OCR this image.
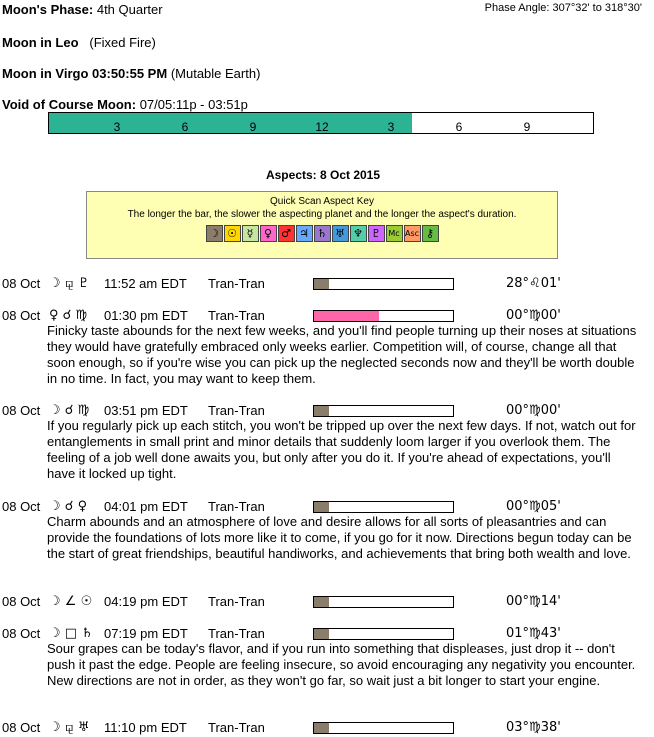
Moon's Phase: 4th Quarter	Phase Angle: 307°32' to 318°30'
Moon in Leo (Fixed Fire)
Moon in Virgo 03:50:55 PM (Mutable Earth)
Void of Course Moon: 07/05:11p - 03:51p
3	6	9	12	3	6	9
Aspects: 8 Oct 2015
Quick Scan Aspect Key
The longer the bar, the slower the aspecting planet and the longer the aspect's duration.
☽ ☉ ☿ ♀ ♂ ♃ ♄ ♅ ♆ ♇ Mc Asc ⚷
08 Oct ☽ ⚼ ♇ 11:52 am EDT Tran-Tran	28°♌01'
08 Oct ♀ ☌ ♍ 01:30 pm EDT Tran-Tran	00°♍00'
Finicky taste abounds for the next few weeks, and you'll find people turning up their noses at situations they would have gratefully embraced only weeks earlier. Competition will, of course, change all that soon enough, so if you're wise you can pick up the neglected seconds now and they'll be worth double in no time. In fact, you may want to keep them.
08 Oct ☽ ☌ ♍ 03:51 pm EDT Tran-Tran	00°♍00'
If you regularly pick up each stitch, you won't be tripped up over the next few days. If not, watch out for entanglements in small print and minor details that suddenly loom larger if you overlook them. The feeling of a job well done awaits you, but only after you do it. If you're ahead of expectations, you'll have it locked up tight.
08 Oct ☽ ☌ ♀ 04:01 pm EDT Tran-Tran	00°♍05'
Charm abounds and an atmosphere of love and desire allows for all sorts of pleasantries and can provide the foundations of lots more like it to come, if you go for it now. Directions begun today can be the start of great friendships, beautiful handiworks, and achievements that bring both wealth and love.
08 Oct ☽ ∠ ☉ 04:19 pm EDT Tran-Tran	00°♍14'
08 Oct ☽ □ ♄ 07:19 pm EDT Tran-Tran	01°♍43'
Sour grapes can be today's flavor, and if you run into something that displeases, just drop it -- don't push it past the edge. People are feeling insecure, so avoid encouraging any negativity you encounter. New directions are not in order, as they won't go far, so wait just a bit longer to start your engine.
08 Oct ☽ ⚼ ♅ 11:10 pm EDT Tran-Tran	03°♍38'
